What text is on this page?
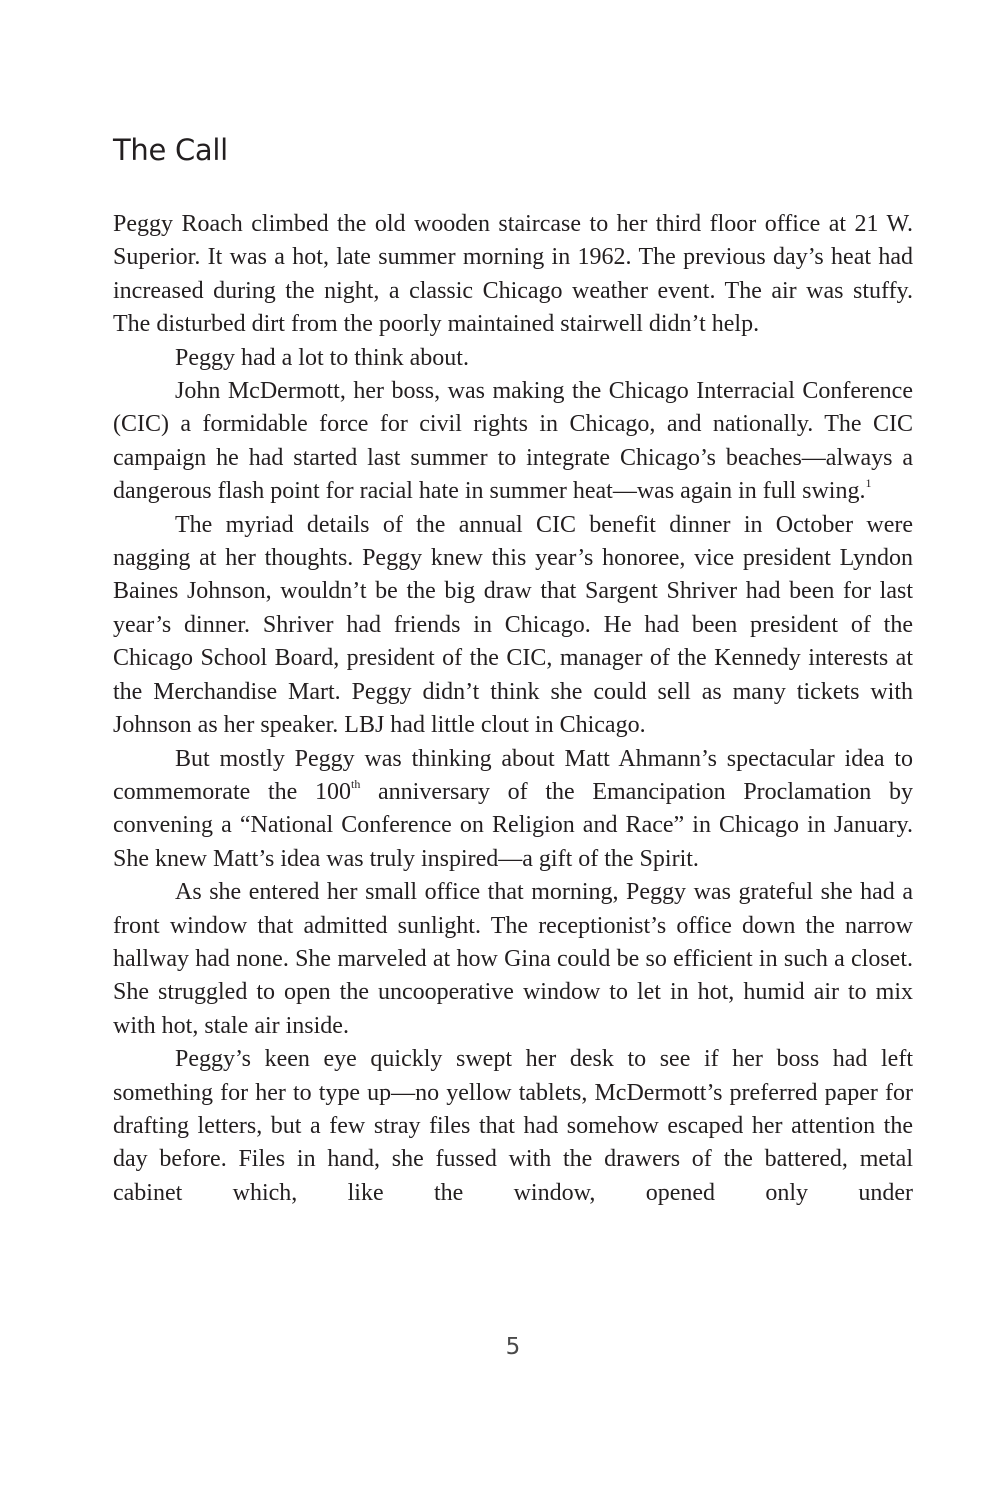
The Call

Peggy Roach climbed the old wooden staircase to her third floor office at 21 W. Superior. It was a hot, late summer morning in 1962. The previous day’s heat had increased during the night, a classic Chicago weather event. The air was stuffy. The disturbed dirt from the poorly maintained stairwell didn’t help.

Peggy had a lot to think about.

John McDermott, her boss, was making the Chicago Interracial Conference (CIC) a formidable force for civil rights in Chicago, and nationally. The CIC campaign he had started last summer to integrate Chicago’s beaches—always a dangerous flash point for racial hate in summer heat—was again in full swing.$^1$

The myriad details of the annual CIC benefit dinner in October were nagging at her thoughts. Peggy knew this year’s honoree, vice president Lyndon Baines Johnson, wouldn’t be the big draw that Sargent Shriver had been for last year’s dinner. Shriver had friends in Chicago. He had been president of the Chicago School Board, president of the CIC, manager of the Kennedy interests at the Merchandise Mart. Peggy didn’t think she could sell as many tickets with Johnson as her speaker. LBJ had little clout in Chicago.

But mostly Peggy was thinking about Matt Ahmann’s spectacular idea to commemorate the 100th anniversary of the Emancipation Proclamation by convening a “National Conference on Religion and Race” in Chicago in January. She knew Matt’s idea was truly inspired—a gift of the Spirit.

As she entered her small office that morning, Peggy was grateful she had a front window that admitted sunlight. The receptionist’s office down the narrow hallway had none. She marveled at how Gina could be so efficient in such a closet. She struggled to open the uncooperative window to let in hot, humid air to mix with hot, stale air inside.

Peggy’s keen eye quickly swept her desk to see if her boss had left something for her to type up—no yellow tablets, McDermott’s preferred paper for drafting letters, but a few stray files that had somehow escaped her attention the day before. Files in hand, she fussed with the drawers of the battered, metal cabinet which, like the window, opened only under

5
